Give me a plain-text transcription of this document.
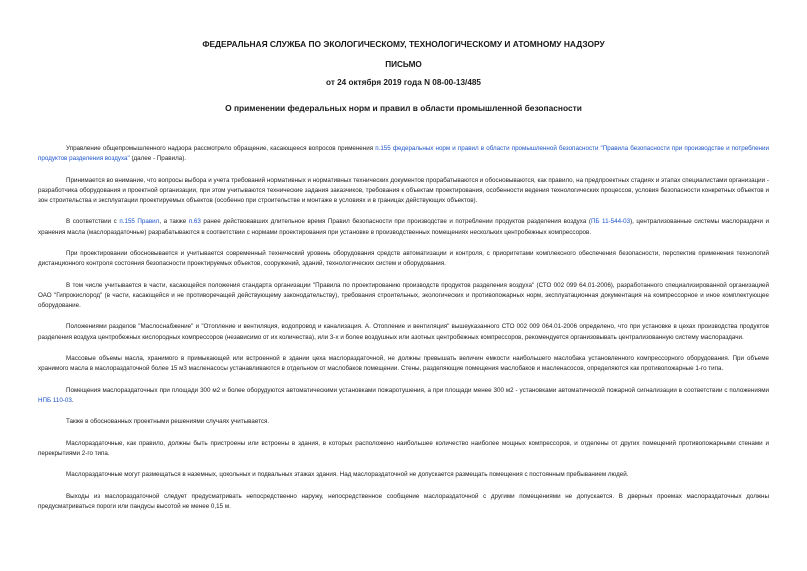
ФЕДЕРАЛЬНАЯ СЛУЖБА ПО ЭКОЛОГИЧЕСКОМУ, ТЕХНОЛОГИЧЕСКОМУ И АТОМНОМУ НАДЗОРУ
ПИСЬМО
от 24 октября 2019 года N 08-00-13/485
О применении федеральных норм и правил в области промышленной безопасности

Управление общепромышленного надзора рассмотрело обращение, касающееся вопросов применения п.155 федеральных норм и правил в области промышленной безопасности "Правила безопасности при производстве и потреблении продуктов разделения воздуха" (далее - Правила).

Принимается во внимание, что вопросы выбора и учета требований нормативных и нормативных технических документов прорабатываются и обосновываются, как правило, на предпроектных стадиях и этапах специалистами организации - разработчика оборудования и проектной организации, при этом учитываются технические задания заказчиков, требования к объектам проектирования, особенности ведения технологических процессов, условия безопасности конкретных объектов и зон строительства и эксплуатации проектируемых объектов (особенно при строительстве и монтаже в условиях и в границах действующих объектов).

В соответствии с п.155 Правил, а также п.63 ранее действовавших длительное время Правил безопасности при производстве и потреблении продуктов разделения воздуха (ПБ 11-544-03), централизованные системы маслораздачи и хранения масла (маслораздаточные) разрабатываются в соответствии с нормами проектирования при установке в производственных помещениях нескольких центробежных компрессоров.

При проектировании обосновывается и учитывается современный технический уровень оборудования средств автоматизации и контроля, с приоритетами комплексного обеспечения безопасности, перспектив применения технологий дистанционного контроля состояния безопасности проектируемых объектов, сооружений, зданий, технологических систем и оборудования.

В том числе учитывается в части, касающейся положения стандарта организации "Правила по проектированию производств продуктов разделения воздуха" (СТО 002 099 64.01-2006), разработанного специализированной организацией ОАО "Гипрокислород" (в части, касающейся и не противоречащей действующему законодательству), требования строительных, экологических и противопожарных норм, эксплуатационная документация на компрессорное и иное комплектующее оборудование.

Положениями разделов "Маслоснабжение" и "Отопление и вентиляция, водопровод и канализация. А. Отопление и вентиляция" вышеуказанного СТО 002 009 064.01-2006 определено, что при установке в цехах производства продуктов разделения воздуха центробежных кислородных компрессоров (независимо от их количества), или 3-х и более воздушных или азотных центробежных компрессоров, рекомендуется организовывать централизованную систему маслораздачи.

Массовые объемы масла, хранимого в примыкающей или встроенной в здании цеха маслораздаточной, не должны превышать величин емкости наибольшего маслобака установленного компрессорного оборудования. При объеме хранимого масла в маслораздаточной более 15 м3 масленасосы устанавливаются в отдельном от маслобаков помещении. Стены, разделяющие помещения маслобаков и масленасосов, определяются как противопожарные 1-го типа.

Помещения маслораздаточных при площади 300 м2 и более оборудуются автоматическими установками пожаротушения, а при площади менее 300 м2 - установками автоматической пожарной сигнализации в соответствии с положениями НПБ 110-03.

Также в обоснованных проектными решениями случаях учитывается.

Маслораздаточные, как правило, должны быть пристроены или встроены в здания, в которых расположено наибольшее количество наиболее мощных компрессоров, и отделены от других помещений противопожарными стенами и перекрытиями 2-го типа.

Маслораздаточные могут размещаться в наземных, цокольных и подвальных этажах здания. Над маслораздаточной не допускается размещать помещения с постоянным пребыванием людей.

Выходы из маслораздаточной следует предусматривать непосредственно наружу, непосредственное сообщение маслораздаточной с другими помещениями не допускается. В дверных проемах маслораздаточных должны предусматриваться пороги или пандусы высотой не менее 0,15 м.
